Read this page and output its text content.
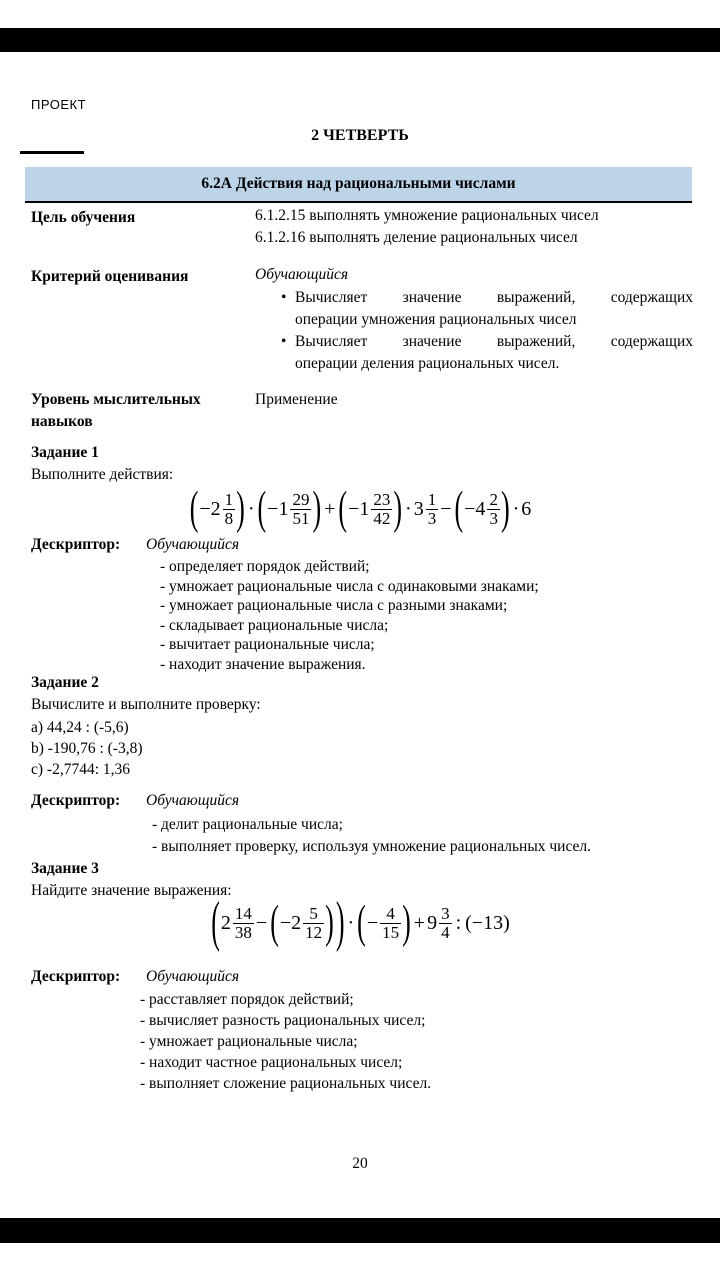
ПРОЕКТ
2 ЧЕТВЕРТЬ
6.2А Действия над рациональными числами
Цель обучения	6.1.2.15 выполнять умножение рациональных чисел
6.1.2.16 выполнять деление рациональных чисел
Критерий оценивания	Обучающийся
• Вычисляет значение выражений, содержащих
операции умножения рациональных чисел
• Вычисляет значение выражений, содержащих
операции деления рациональных чисел.
Уровень мыслительных
навыков
Применение
Задание 1
Выполните действия:
( $-2 \frac{1}{8}$ ) · ( $-1 \frac{29}{51}$ ) + ( $-1 \frac{23}{42}$ ) · $3 \frac{1}{3}$ − ( $-4 \frac{2}{3}$ ) · 6
Дескриптор: Обучающийся
- определяет порядок действий;
- умножает рациональные числа с одинаковыми знаками;
- умножает рациональные числа с разными знаками;
- складывает рациональные числа;
- вычитает рациональные числа;
- находит значение выражения.
Задание 2
Вычислите и выполните проверку:
a) 44,24 : (-5,6)
b) -190,76 : (-3,8)
c) -2,7744: 1,36
Дескриптор: Обучающийся
- делит рациональные числа;
- выполняет проверку, используя умножение рациональных чисел.
Задание 3
Найдите значение выражения:
( $2 \frac{14}{38}$ − ( $-2 \frac{5}{12}$ ) ) · ( − $\frac{4}{15}$ ) + $9 \frac{3}{4}$ : (−13)
Дескриптор: Обучающийся
- расставляет порядок действий;
- вычисляет разность рациональных чисел;
- умножает рациональные числа;
- находит частное рациональных чисел;
- выполняет сложение рациональных чисел.
20
